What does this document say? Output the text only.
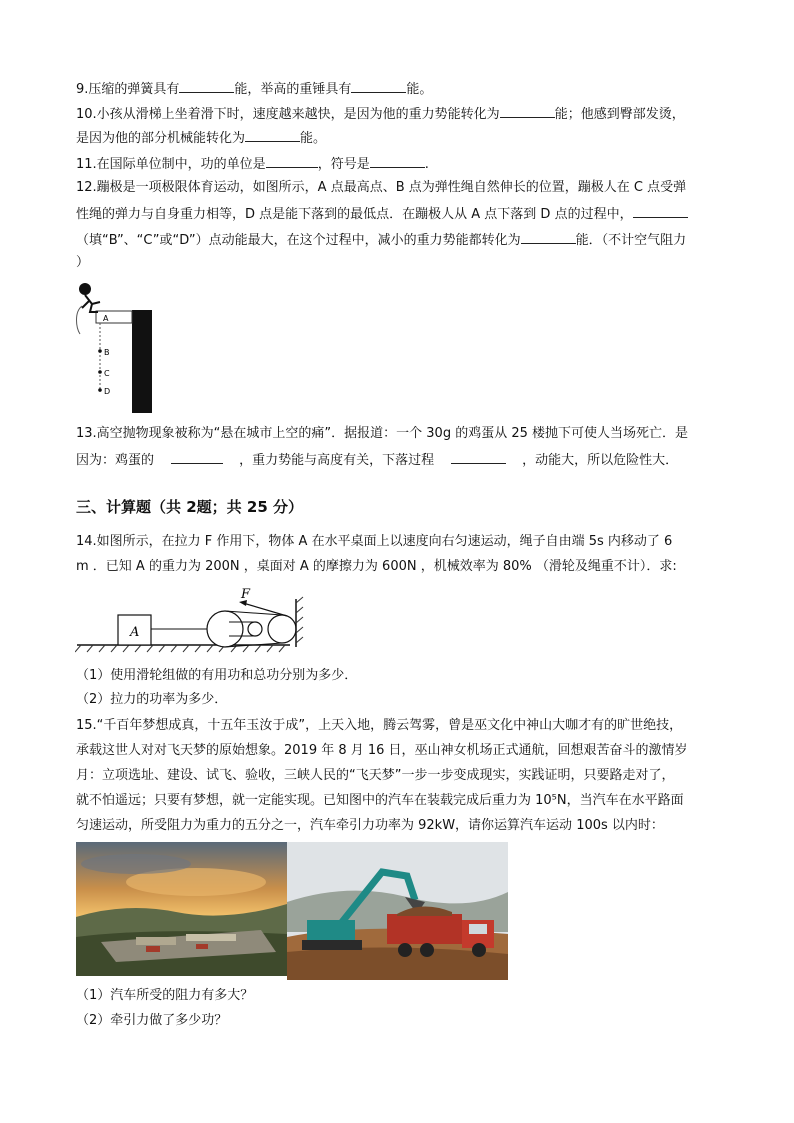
9.压缩的弹簧具有	能，举高的重锤具有	能。
10.小孩从滑梯上坐着滑下时，速度越来越快，是因为他的重力势能转化为	能；他感到臀部发烫，
是因为他的部分机械能转化为	能。
11.在国际单位制中，功的单位是	，符号是	.
12.蹦极是一项极限体育运动，如图所示，A 点最高点、B 点为弹性绳自然伸长的位置，蹦极人在 C 点受弹
性绳的弹力与自身重力相等，D 点是能下落到的最低点．在蹦极人从 A 点下落到 D 点的过程中，
（填“B”、“C”或“D”）点动能最大，在这个过程中，减小的重力势能都转化为	能．（不计空气阻力
）
A
B
C
D
13.高空抛物现象被称为“悬在城市上空的痛”．据报道：一个 30g 的鸡蛋从 25 楼抛下可使人当场死亡．是
因为：鸡蛋的	，重力势能与高度有关，下落过程	，动能大，所以危险性大．
三、计算题（共 2题；共 25 分）
14.如图所示，在拉力 F 作用下，物体 A 在水平桌面上以速度向右匀速运动，绳子自由端 5s 内移动了 6
m ．已知 A 的重力为 200N ，桌面对 A 的摩擦力为 600N ，机械效率为 80% （滑轮及绳重不计）．求:
A
F
（1）使用滑轮组做的有用功和总功分别为多少．
（2）拉力的功率为多少．
15.“千百年梦想成真，十五年玉汝于成”，上天入地，腾云驾雾，曾是巫文化中神山大咖才有的旷世绝技，
承载这世人对对飞天梦的原始想象。2019 年 8 月 16 日，巫山神女机场正式通航，回想艰苦奋斗的激情岁
月：立项选址、建设、试飞、验收，三峡人民的“飞天梦”一步一步变成现实，实践证明，只要路走对了，
就不怕遥远；只要有梦想，就一定能实现。已知图中的汽车在装载完成后重力为 10⁵N，当汽车在水平路面
匀速运动，所受阻力为重力的五分之一，汽车牵引力功率为 92kW，请你运算汽车运动 100s 以内时：
（1）汽车所受的阻力有多大？
（2）牵引力做了多少功？
